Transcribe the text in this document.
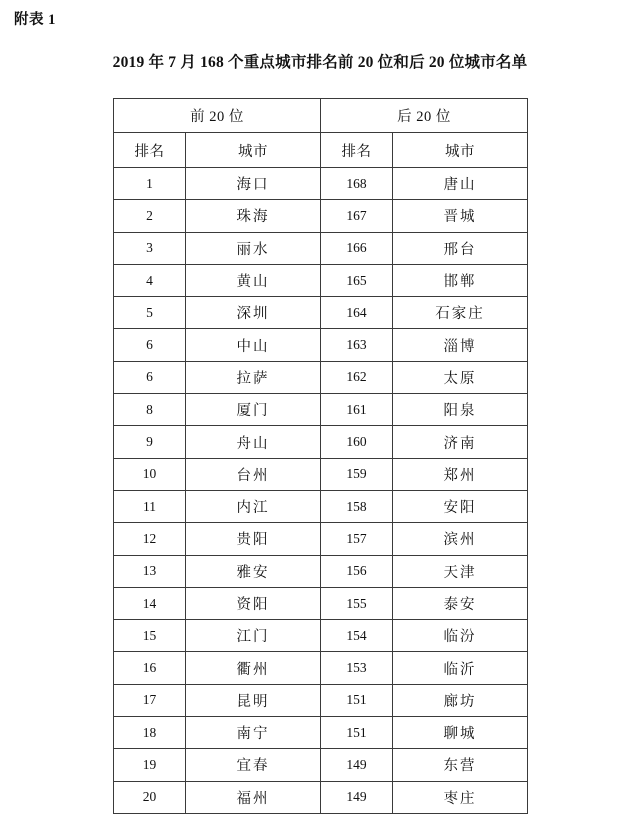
附表 1
2019 年 7 月 168 个重点城市排名前 20 位和后 20 位城市名单
前 20 位		后 20 位	
排名	城市	排名	城市
1	海口	168	唐山
2	珠海	167	晋城
3	丽水	166	邢台
4	黄山	165	邯郸
5	深圳	164	石家庄
6	中山	163	淄博
6	拉萨	162	太原
8	厦门	161	阳泉
9	舟山	160	济南
10	台州	159	郑州
11	内江	158	安阳
12	贵阳	157	滨州
13	雅安	156	天津
14	资阳	155	泰安
15	江门	154	临汾
16	衢州	153	临沂
17	昆明	151	廊坊
18	南宁	151	聊城
19	宜春	149	东营
20	福州	149	枣庄
